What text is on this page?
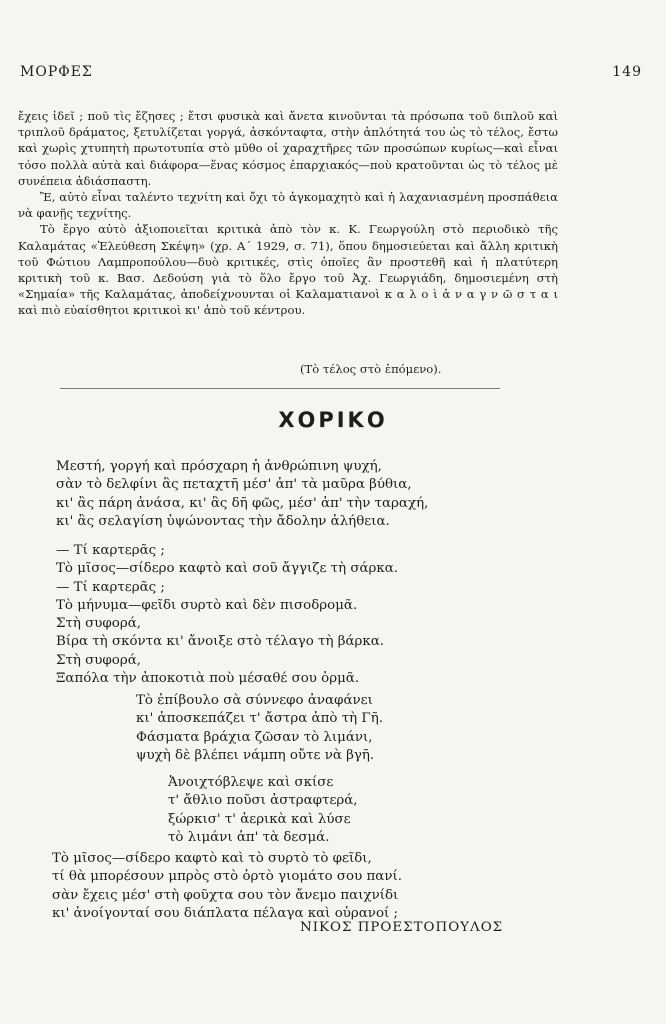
ΜΟΡΦΕΣ	149

ἔχεις ἰδεῖ ; ποῦ τὶς ἔζησες ; ἔτσι φυσικὰ καὶ ἄνετα κινοῦνται τὰ πρόσωπα τοῦ διπλοῦ καὶ τριπλοῦ δράματος, ξετυλίζεται γοργά, ἀσκόνταφτα, στὴν ἁπλότητά του ὡς τὸ τέλος, ἔστω καὶ χωρὶς χτυπητὴ πρωτοτυπία στὸ μῦθο οἱ χαραχτῆρες τῶν προσώπων κυρίως—καὶ εἶναι τόσο πολλὰ αὐτὰ καὶ διάφορα—ἕνας κόσμος ἐπαρχιακός—ποὺ κρατοῦνται ὡς τὸ τέλος μὲ συνέπεια ἀδιάσπαστη.

Ἔ, αὐτὸ εἶναι ταλέντο τεχνίτη καὶ ὄχι τὸ ἀγκομαχητὸ καὶ ἡ λαχανιασμένη προσπάθεια νὰ φανῇς τεχνίτης.

Τὸ ἔργο αὐτὸ ἀξιοποιεῖται κριτικὰ ἀπὸ τὸν κ. Κ. Γεωργούλη στὸ περιοδικὸ τῆς Καλαμάτας «Ἐλεύθεση Σκέψη» (χρ. Α΄ 1929, σ. 71), ὅπου δημοσιεύεται καὶ ἄλλη κριτικὴ τοῦ Φώτιου Λαμπροπούλου—δυὸ κριτικές, στὶς ὁποῖες ἂν προστεθῆ καὶ ἡ πλατύτερη κριτικὴ τοῦ κ. Βασ. Δεδούση γιὰ τὸ ὅλο ἔργο τοῦ Ἀχ. Γεωργιάδη, δημοσιεμένη στὴ «Σημαία» τῆς Καλαμάτας, ἀποδείχνουνται οἱ Καλαματιανοὶ κ α λ ο ὶ ἀ ν α γ ν ῶ σ τ α ι καὶ πιὸ εὐαίσθητοι κριτικοὶ κι' ἀπὸ τοῦ κέντρου.

(Τὸ τέλος στὸ ἑπόμενο).
ΧΟΡΙΚΟ
Μεστή, γοργή καὶ πρόσχαρη ἡ ἀνθρώπινη ψυχή,
σὰν τὸ δελφίνι ἂς πεταχτῆ μέσ' ἀπ' τὰ μαῦρα βύθια,
κι' ἂς πάρη ἀνάσα, κι' ἂς δῆ φῶς, μέσ' ἀπ' τὴν ταραχή,
κι' ἂς σελαγίση ὑψώνοντας τὴν ἄδολην ἀλήθεια.
— Τί καρτερᾶς ;
Τὸ μῖσος—σίδερο καφτὸ καὶ σοῦ ἄγγιζε τὴ σάρκα.
— Τί καρτερᾶς ;
Τὸ μήνυμα—φεῖδι συρτὸ καὶ δὲν πισοδρομᾶ.
Στὴ συφορά,
Βίρα τὴ σκόντα κι' ἄνοιξε στὸ τέλαγο τὴ βάρκα.
Στὴ συφορά,
Ξαπόλα τὴν ἀποκοτιὰ ποὺ μέσαθέ σου ὁρμᾶ.
Τὸ ἐπίβουλο σὰ σύννεφο ἀναφάνει
κι' ἀποσκεπάζει τ' ἄστρα ἀπὸ τὴ Γῆ.
Φάσματα βράχια ζῶσαν τὸ λιμάνι,
ψυχὴ δὲ βλέπει νάμπη οὔτε νὰ βγῆ.
Ἀνοιχτόβλεψε καὶ σκίσε
τ' ἄθλιο ποῦσι ἀστραφτερά,
ξώρκισ' τ' ἀερικὰ καὶ λύσε
τὸ λιμάνι ἀπ' τὰ δεσμά.
Τὸ μῖσος—σίδερο καφτὸ καὶ τὸ συρτὸ τὸ φεῖδι,
τί θὰ μπορέσουν μπρὸς στὸ ὀρτὸ γιομάτο σου πανί.
σὰν ἔχεις μέσ' στὴ φοῦχτα σου τὸν ἄνεμο παιχνίδι
κι' ἀνοίγονταί σου διάπλατα πέλαγα καὶ οὐρανοί ;
ΝΙΚΟΣ ΠΡΟΕΣΤΟΠΟΥΛΟΣ
